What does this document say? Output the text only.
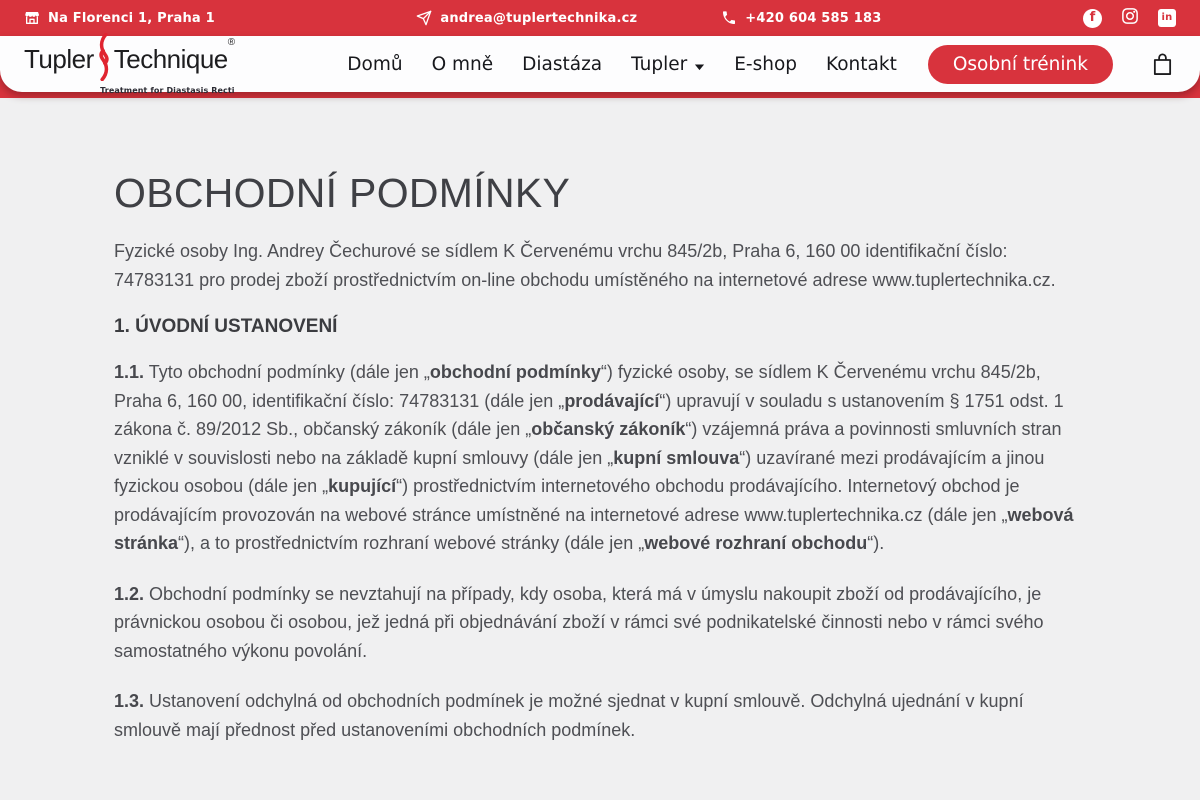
Na Florenci 1, Praha 1	andrea@tuplertechnika.cz	+420 604 585 183	f	in
Tupler Technique®
Treatment for Diastasis Recti
Domů O mně Diastáza Tupler	E-shop Kontakt	Osobní trénink
OBCHODNÍ PODMÍNKY

Fyzické osoby Ing. Andrey Čechurové se sídlem K Červenému vrchu 845/2b, Praha 6, 160 00 identifikační číslo: 74783131 pro prodej zboží prostřednictvím on-line obchodu umístěného na internetové adrese www.tuplertechnika.cz.

1. ÚVODNÍ USTANOVENÍ

1.1. Tyto obchodní podmínky (dále jen „obchodní podmínky“) fyzické osoby, se sídlem K Červenému vrchu 845/2b, Praha 6, 160 00, identifikační číslo: 74783131 (dále jen „prodávající“) upravují v souladu s ustanovením § 1751 odst. 1 zákona č. 89/2012 Sb., občanský zákoník (dále jen „občanský zákoník“) vzájemná práva a povinnosti smluvních stran vzniklé v souvislosti nebo na základě kupní smlouvy (dále jen „kupní smlouva“) uzavírané mezi prodávajícím a jinou fyzickou osobou (dále jen „kupující“) prostřednictvím internetového obchodu prodávajícího. Internetový obchod je prodávajícím provozován na webové stránce umístněné na internetové adrese www.tuplertechnika.cz (dále jen „webová stránka“), a to prostřednictvím rozhraní webové stránky (dále jen „webové rozhraní obchodu“).

1.2. Obchodní podmínky se nevztahují na případy, kdy osoba, která má v úmyslu nakoupit zboží od prodávajícího, je právnickou osobou či osobou, jež jedná při objednávání zboží v rámci své podnikatelské činnosti nebo v rámci svého samostatného výkonu povolání.

1.3. Ustanovení odchylná od obchodních podmínek je možné sjednat v kupní smlouvě. Odchylná ujednání v kupní smlouvě mají přednost před ustanoveními obchodních podmínek.
